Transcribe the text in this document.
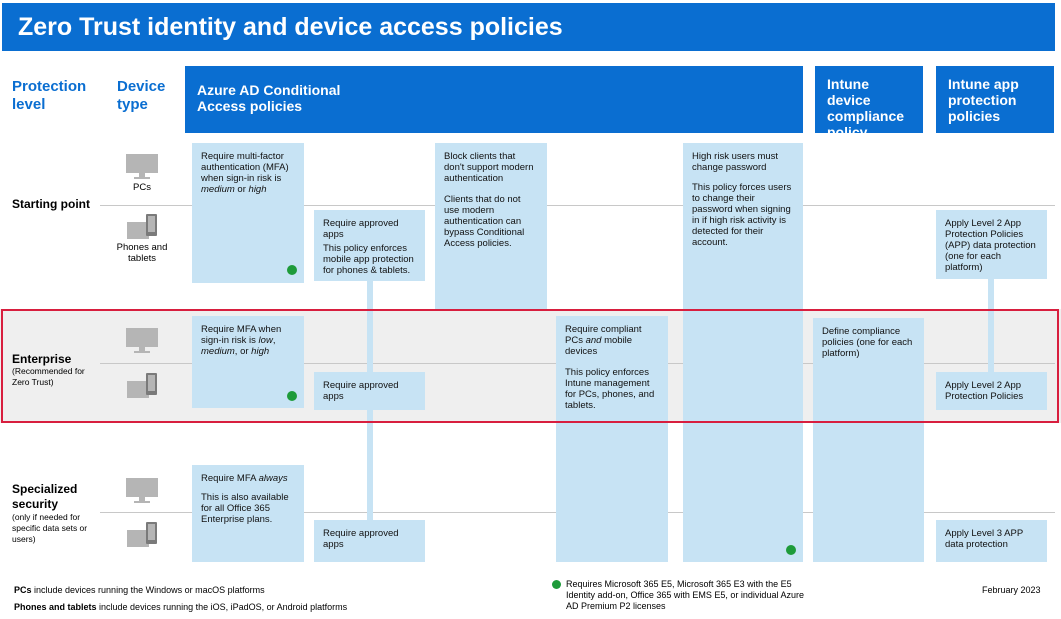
Zero Trust identity and device access policies
Protection level
Device type
Azure AD Conditional Access policies
Intune device compliance policy
Intune app protection policies
Starting point
Enterprise
(Recommended for Zero Trust)
Specialized security
(only if needed for specific data sets or users)
PCs
Phones and tablets

Require multi-factor authentication (MFA) when sign-in risk is medium or high

Require MFA when sign-in risk is low, medium, or high

Require MFA always

This is also available for all Office 365 Enterprise plans.

Require approved apps

This policy enforces mobile app protection for phones & tablets.

Require approved apps

Require approved apps

Block clients that don't support modern authentication

Clients that do not use modern authentication can bypass Conditional Access policies.

Require compliant PCs and mobile devices

This policy enforces Intune management for PCs, phones, and tablets.

High risk users must change password

This policy forces users to change their password when signing in if high risk activity is detected for their account.

Define compliance policies (one for each platform)

Apply Level 2 App Protection Policies (APP) data protection (one for each platform)

Apply Level 2 App Protection Policies

Apply Level 3 APP data protection

PCs include devices running the Windows or macOS platforms
Phones and tablets include devices running the iOS, iPadOS, or Android platforms
Requires Microsoft 365 E5, Microsoft 365 E3 with the E5 Identity add-on, Office 365 with EMS E5, or individual Azure AD Premium P2 licenses
February 2023
